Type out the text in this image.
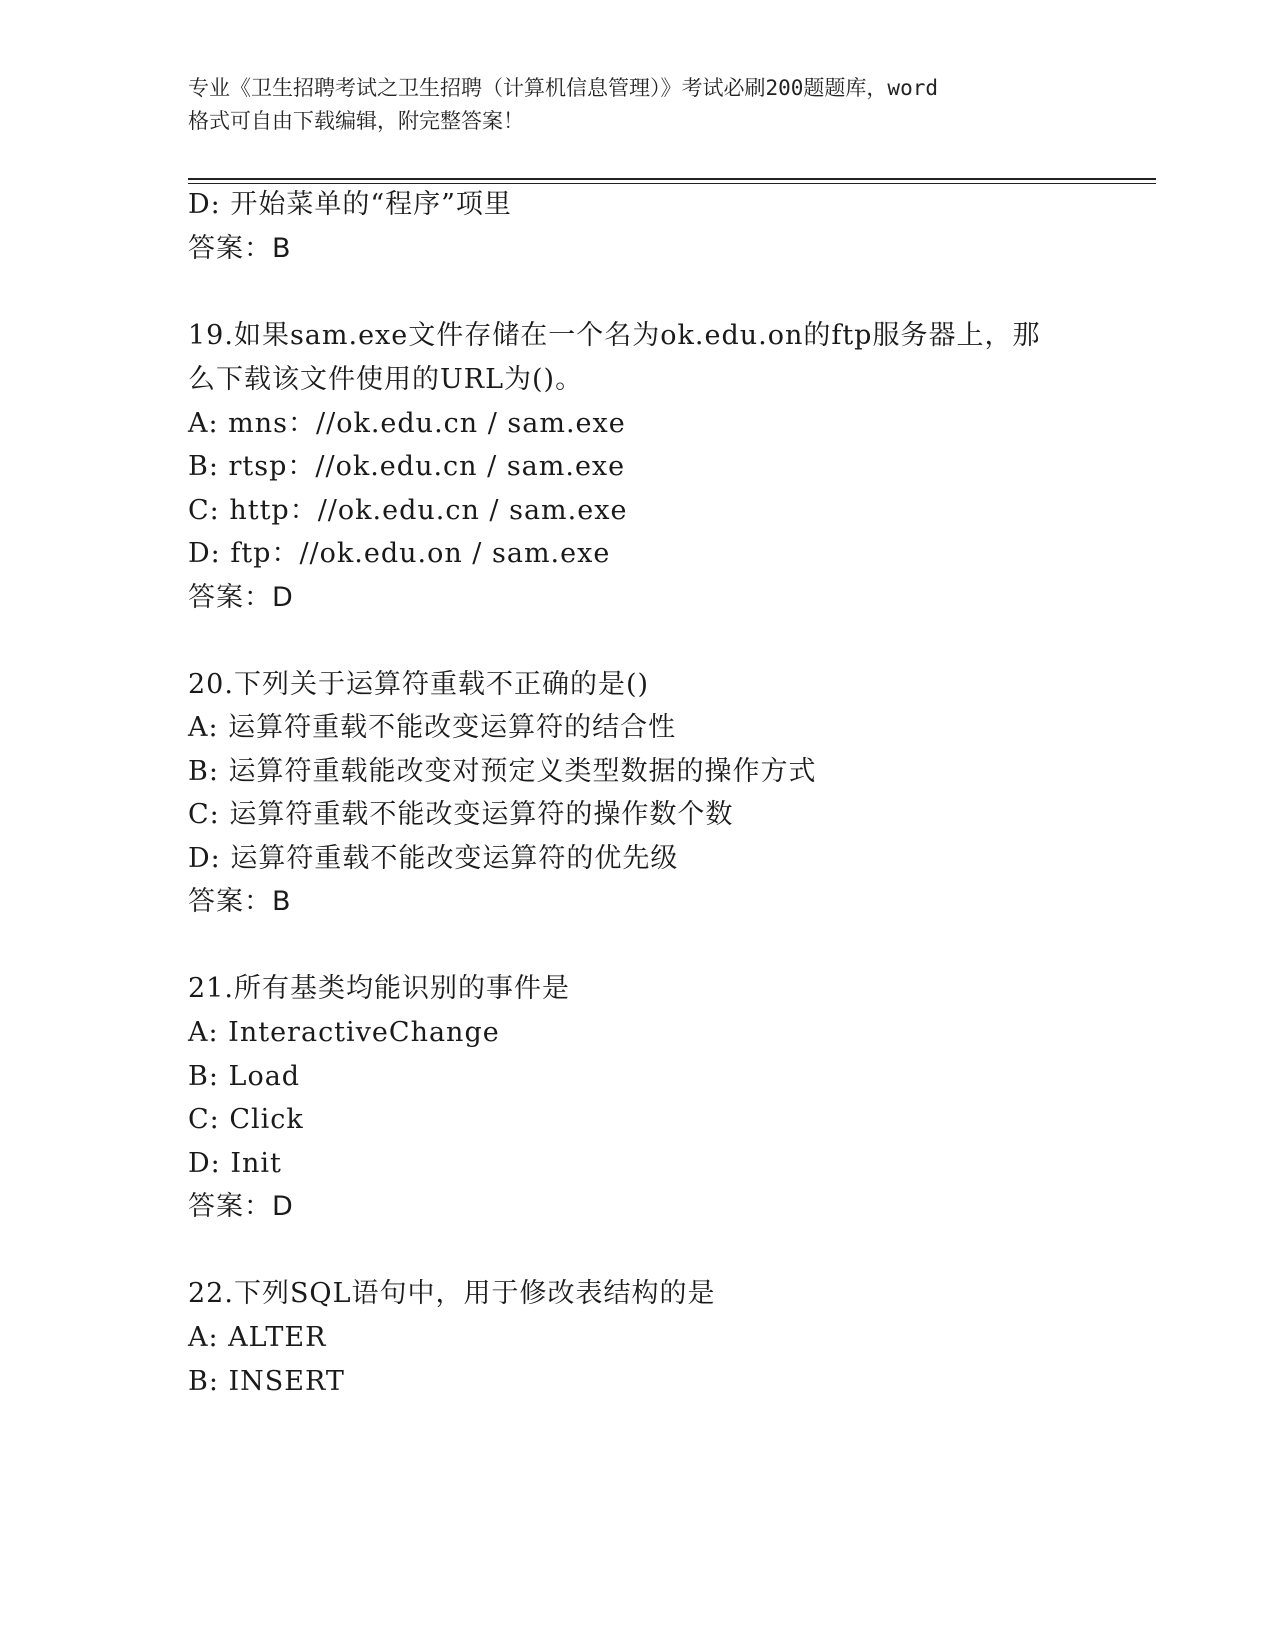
专业《卫生招聘考试之卫生招聘（计算机信息管理）》考试必刷200题题库，word
格式可自由下载编辑，附完整答案！
D: 开始菜单的“程序”项里
答案：B
19.如果sam.exe文件存储在一个名为ok.edu.on的ftp服务器上，那
么下载该文件使用的URL为()。
A: mns：//ok.edu.cn / sam.exe
B: rtsp：//ok.edu.cn / sam.exe
C: http：//ok.edu.cn / sam.exe
D: ftp：//ok.edu.on / sam.exe
答案：D
20.下列关于运算符重载不正确的是()
A: 运算符重载不能改变运算符的结合性
B: 运算符重载能改变对预定义类型数据的操作方式
C: 运算符重载不能改变运算符的操作数个数
D: 运算符重载不能改变运算符的优先级
答案：B
21.所有基类均能识别的事件是
A: InteractiveChange
B: Load
C: Click
D: Init
答案：D
22.下列SQL语句中，用于修改表结构的是
A: ALTER
B: INSERT
